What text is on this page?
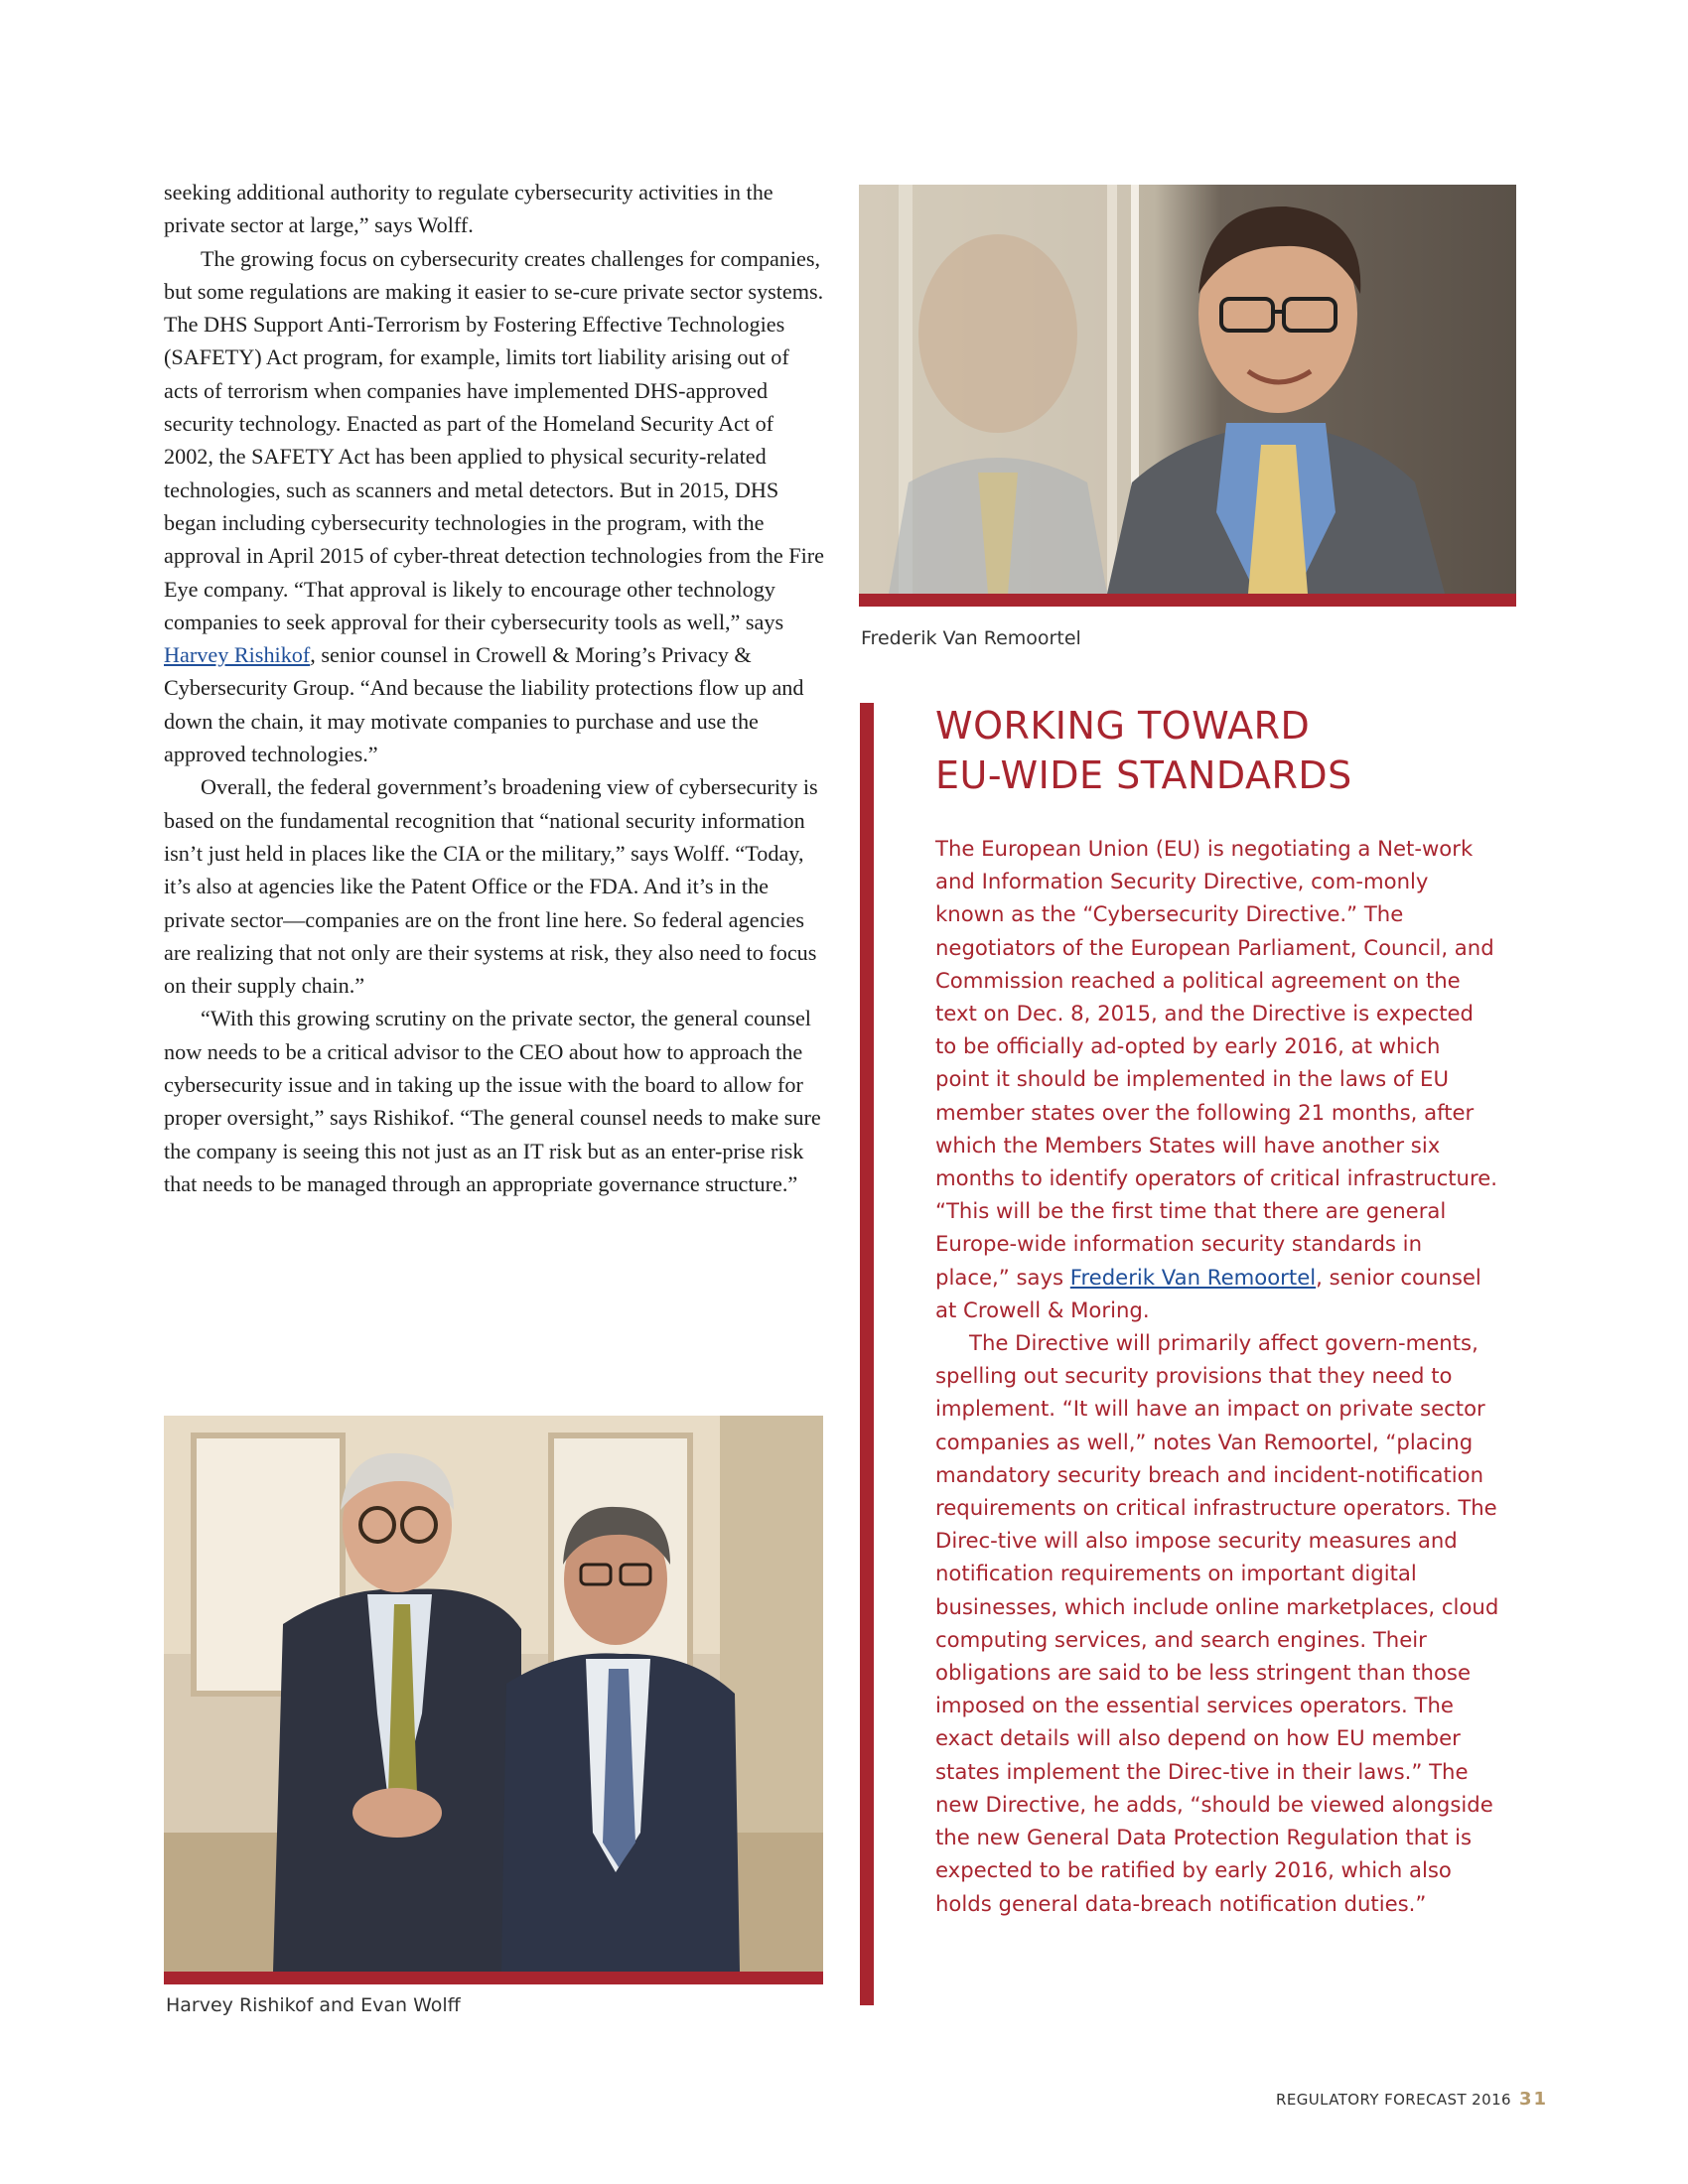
seeking additional authority to regulate cybersecurity activities in the private sector at large,” says Wolff.

The growing focus on cybersecurity creates challenges for companies, but some regulations are making it easier to se-cure private sector systems. The DHS Support Anti-Terrorism by Fostering Effective Technologies (SAFETY) Act program, for example, limits tort liability arising out of acts of terrorism when companies have implemented DHS-approved security technology. Enacted as part of the Homeland Security Act of 2002, the SAFETY Act has been applied to physical security-related technologies, such as scanners and metal detectors. But in 2015, DHS began including cybersecurity technologies in the program, with the approval in April 2015 of cyber-threat detection technologies from the Fire Eye company. “That approval is likely to encourage other technology companies to seek approval for their cybersecurity tools as well,” says
Harvey Rishikof, senior counsel in Crowell & Moring’s Privacy & Cybersecurity Group. “And because the liability protections flow up and down the chain, it may motivate companies to purchase and use the approved technologies.”

Overall, the federal government’s broadening view of cybersecurity is based on the fundamental recognition that “national security information isn’t just held in places like the CIA or the military,” says Wolff. “Today, it’s also at agencies like the Patent Office or the FDA. And it’s in the private sector—companies are on the front line here. So federal agencies are realizing that not only are their systems at risk, they also need to focus on their supply chain.”

“With this growing scrutiny on the private sector, the general counsel now needs to be a critical advisor to the CEO about how to approach the cybersecurity issue and in taking up the issue with the board to allow for proper oversight,” says Rishikof. “The general counsel needs to make sure the company is seeing this not just as an IT risk but as an enter-prise risk that needs to be managed through an appropriate governance structure.”

Frederik Van Remoortel
WORKING TOWARD
EU-WIDE STANDARDS

The European Union (EU) is negotiating a Net-work and Information Security Directive, com-monly known as the “Cybersecurity Directive.” The negotiators of the European Parliament, Council, and Commission reached a political agreement on the text on Dec. 8, 2015, and the Directive is expected to be officially ad-opted by early 2016, at which point it should be implemented in the laws of EU member states over the following 21 months, after which the Members States will have another six months to identify operators of critical infrastructure. “This will be the first time that there are general Europe-wide information security standards in place,” says Frederik Van Remoortel, senior counsel at Crowell & Moring.

The Directive will primarily affect govern-ments, spelling out security provisions that they need to implement. “It will have an impact on private sector companies as well,” notes Van Remoortel, “placing mandatory security breach and incident-notification requirements on critical infrastructure operators. The Direc-tive will also impose security measures and notification requirements on important digital businesses, which include online marketplaces, cloud computing services, and search engines. Their obligations are said to be less stringent than those imposed on the essential services operators. The exact details will also depend on how EU member states implement the Direc-tive in their laws.” The new Directive, he adds, “should be viewed alongside the new General Data Protection Regulation that is expected to be ratified by early 2016, which also holds general data-breach notification duties.”

Harvey Rishikof and Evan Wolff
REGULATORY FORECAST 2016 31
